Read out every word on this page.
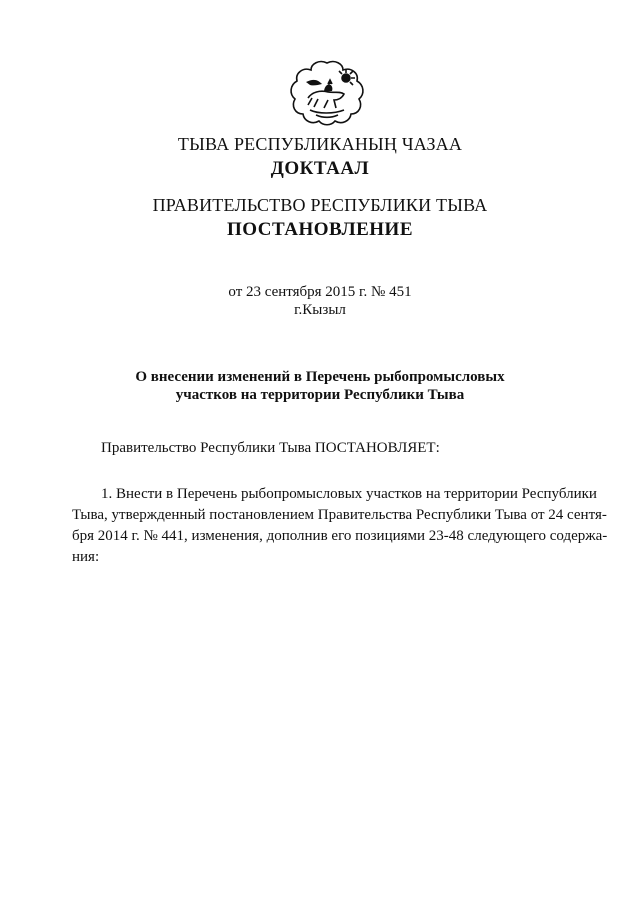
ТЫВА РЕСПУБЛИКАНЫҢ ЧАЗАА
ДОКТААЛ
ПРАВИТЕЛЬСТВО РЕСПУБЛИКИ ТЫВА
ПОСТАНОВЛЕНИЕ
от 23 сентября 2015 г. № 451
г.Кызыл
О внесении изменений в Перечень рыбопромысловых
участков на территории Республики Тыва
Правительство Республики Тыва ПОСТАНОВЛЯЕТ:
1. Внести в Перечень рыбопромысловых участков на территории Республики
Тыва, утвержденный постановлением Правительства Республики Тыва от 24 сентя-
бря 2014 г. № 441, изменения, дополнив его позициями 23-48 следующего содержа-
ния:
